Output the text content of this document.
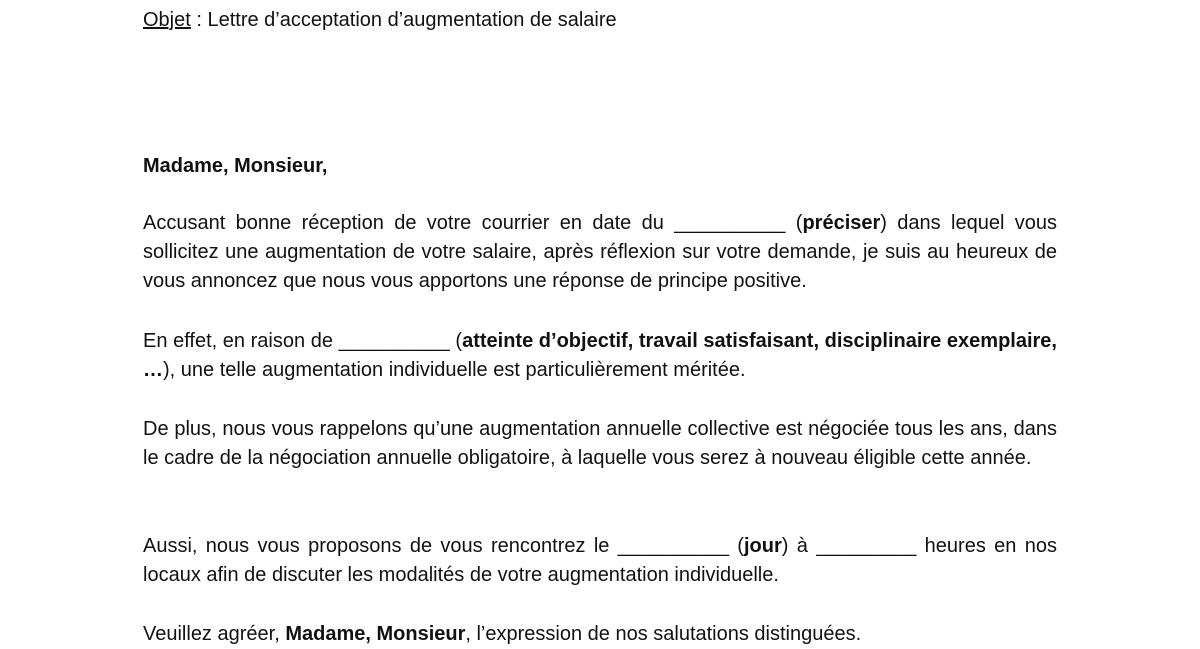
Objet : Lettre d’acceptation d’augmentation de salaire
Madame, Monsieur,
Accusant bonne réception de votre courrier en date du __________ (préciser) dans lequel vous sollicitez une augmentation de votre salaire, après réflexion sur votre demande, je suis au heureux de vous annoncez que nous vous apportons une réponse de principe positive.
En effet, en raison de __________ (atteinte d’objectif, travail satisfaisant, disciplinaire exemplaire, …), une telle augmentation individuelle est particulièrement méritée.
De plus, nous vous rappelons qu’une augmentation annuelle collective est négociée tous les ans, dans le cadre de la négociation annuelle obligatoire, à laquelle vous serez à nouveau éligible cette année.
Aussi, nous vous proposons de vous rencontrez le __________ (jour) à _________ heures en nos locaux afin de discuter les modalités de votre augmentation individuelle.
Veuillez agréer, Madame, Monsieur, l’expression de nos salutations distinguées.
